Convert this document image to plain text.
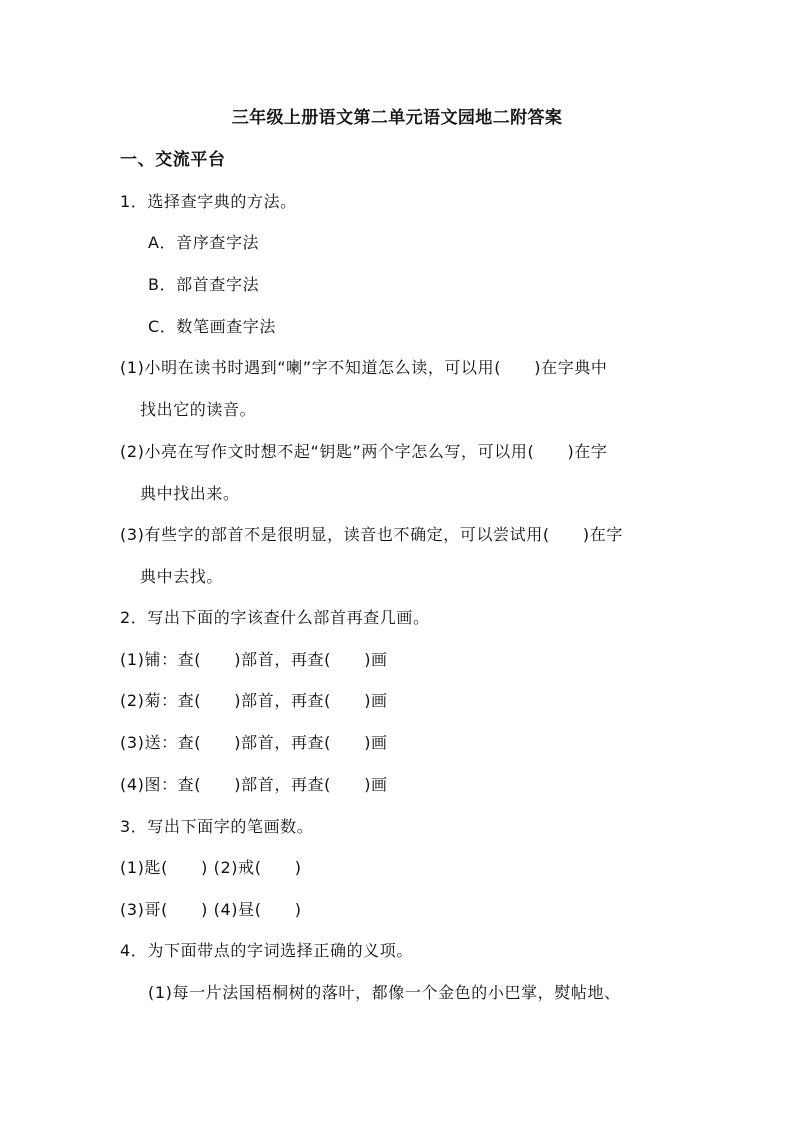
三年级上册语文第二单元语文园地二附答案
一、交流平台
1．选择查字典的方法。
A．音序查字法
B．部首查字法
C．数笔画查字法
(1)小明在读书时遇到“喇”字不知道怎么读，可以用(　　)在字典中
找出它的读音。
(2)小亮在写作文时想不起“钥匙”两个字怎么写，可以用(　　)在字
典中找出来。
(3)有些字的部首不是很明显，读音也不确定，可以尝试用(　　)在字
典中去找。
2．写出下面的字该查什么部首再查几画。
(1)铺：查(　　)部首，再查(　　)画
(2)菊：查(　　)部首，再查(　　)画
(3)送：查(　　)部首，再查(　　)画
(4)图：查(　　)部首，再查(　　)画
3．写出下面字的笔画数。
(1)匙(　　) (2)戒(　　)
(3)哥(　　) (4)昼(　　)
4．为下面带点的字词选择正确的义项。
(1)每一片法国梧桐树的落叶，都像一个金色的小巴掌，熨帖地、
